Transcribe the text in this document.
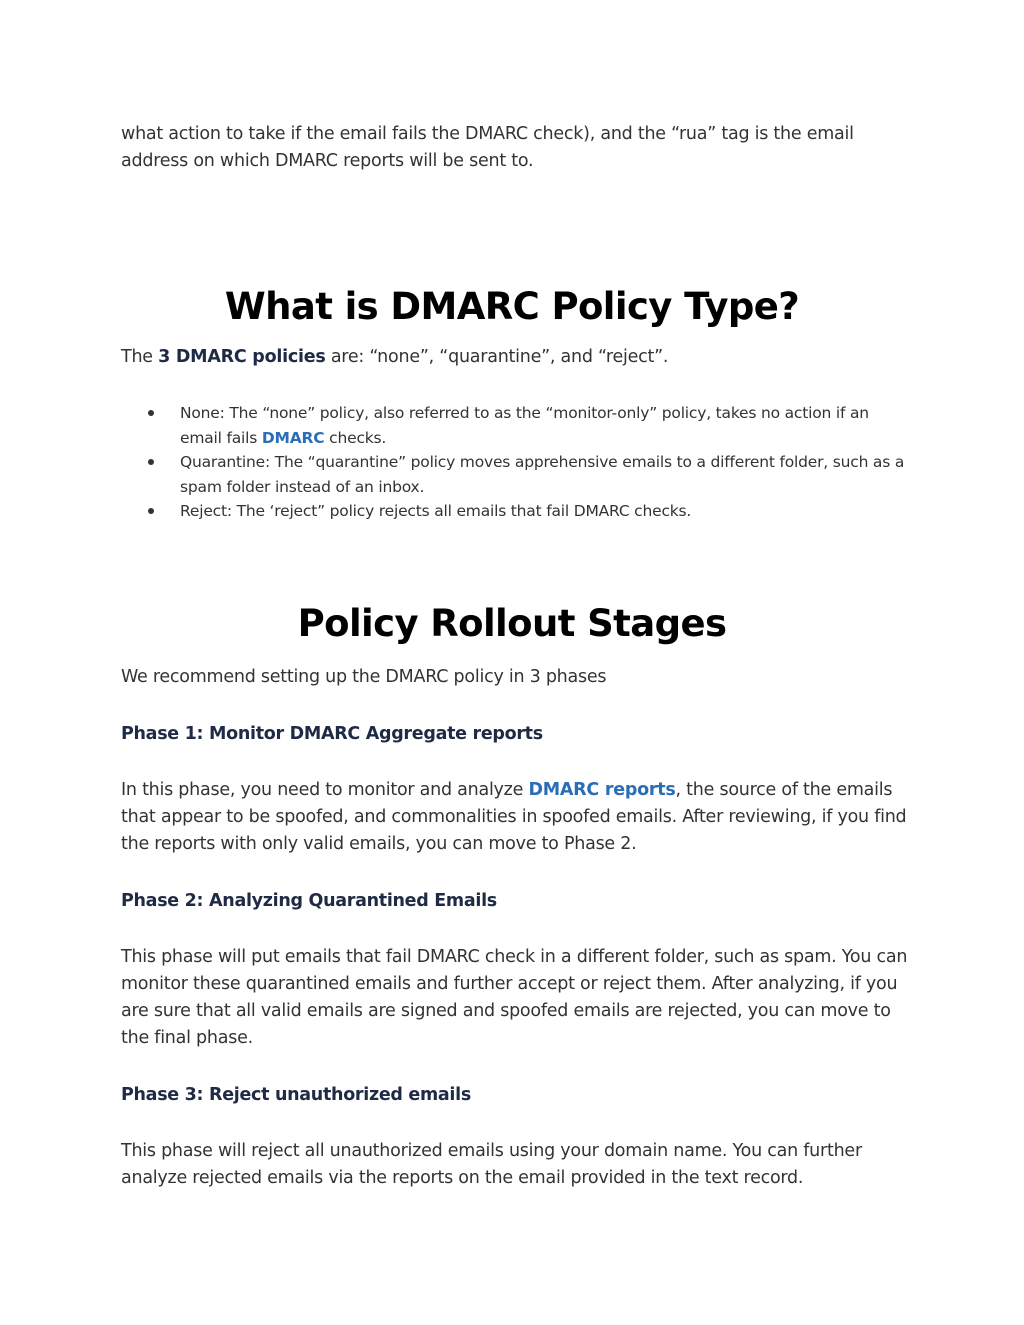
what action to take if the email fails the DMARC check), and the “rua” tag is the email address on which DMARC reports will be sent to.

What is DMARC Policy Type?

The 3 DMARC policies are: “none”, “quarantine”, and “reject”.

None: The “none” policy, also referred to as the “monitor-only” policy, takes no action if an email fails DMARC checks.
Quarantine: The “quarantine” policy moves apprehensive emails to a different folder, such as a spam folder instead of an inbox.
Reject: The ‘reject” policy rejects all emails that fail DMARC checks.
Policy Rollout Stages

We recommend setting up the DMARC policy in 3 phases

Phase 1: Monitor DMARC Aggregate reports

In this phase, you need to monitor and analyze DMARC reports, the source of the emails that appear to be spoofed, and commonalities in spoofed emails. After reviewing, if you find the reports with only valid emails, you can move to Phase 2.

Phase 2: Analyzing Quarantined Emails

This phase will put emails that fail DMARC check in a different folder, such as spam. You can monitor these quarantined emails and further accept or reject them. After analyzing, if you are sure that all valid emails are signed and spoofed emails are rejected, you can move to the final phase.

Phase 3: Reject unauthorized emails

This phase will reject all unauthorized emails using your domain name. You can further analyze rejected emails via the reports on the email provided in the text record.
